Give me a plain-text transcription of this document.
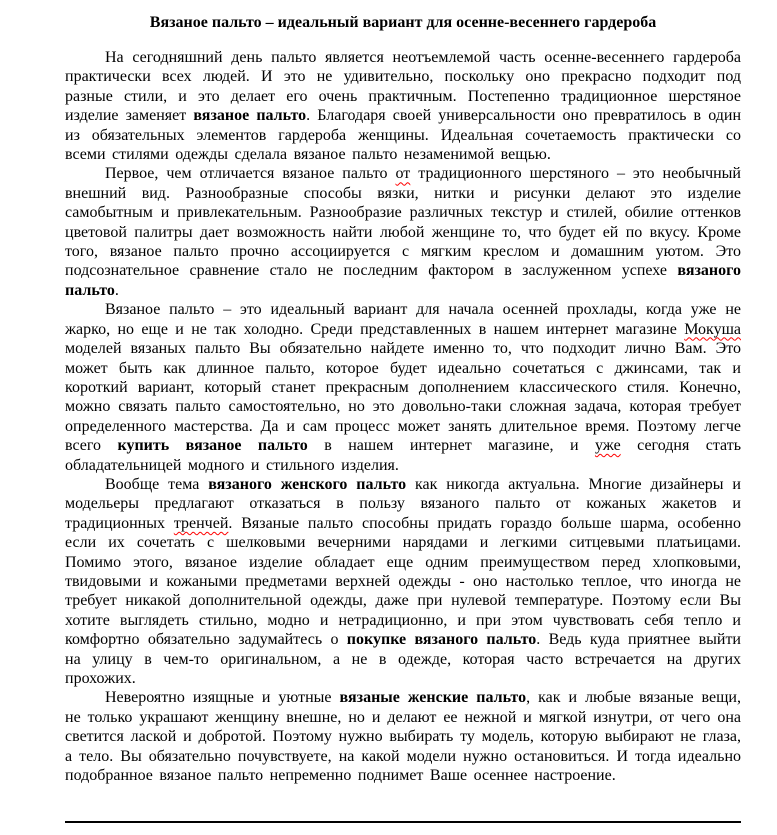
Вязаное пальто – идеальный вариант для осенне-весеннего гардероба

На сегодняшний день пальто является неотъемлемой часть осенне-весеннего гардероба практически всех людей. И это не удивительно, поскольку оно прекрасно подходит под разные стили, и это делает его очень практичным. Постепенно традиционное шерстяное изделие заменяет вязаное пальто. Благодаря своей универсальности оно превратилось в один из обязательных элементов гардероба женщины. Идеальная сочетаемость практически со всеми стилями одежды сделала вязаное пальто незаменимой вещью.

Первое, чем отличается вязаное пальто от традиционного шерстяного – это необычный внешний вид. Разнообразные способы вязки, нитки и рисунки делают это изделие самобытным и привлекательным. Разнообразие различных текстур и стилей, обилие оттенков цветовой палитры дает возможность найти любой женщине то, что будет ей по вкусу. Кроме того, вязаное пальто прочно ассоциируется с мягким креслом и домашним уютом. Это подсознательное сравнение стало не последним фактором в заслуженном успехе вязаного пальто.

Вязаное пальто – это идеальный вариант для начала осенней прохлады, когда уже не жарко, но еще и не так холодно. Среди представленных в нашем интернет магазине Мокуша моделей вязаных пальто Вы обязательно найдете именно то, что подходит лично Вам. Это может быть как длинное пальто, которое будет идеально сочетаться с джинсами, так и короткий вариант, который станет прекрасным дополнением классического стиля. Конечно, можно связать пальто самостоятельно, но это довольно-таки сложная задача, которая требует определенного мастерства. Да и сам процесс может занять длительное время. Поэтому легче всего купить вязаное пальто в нашем интернет магазине, и уже сегодня стать обладательницей модного и стильного изделия.

Вообще тема вязаного женского пальто как никогда актуальна. Многие дизайнеры и модельеры предлагают отказаться в пользу вязаного пальто от кожаных жакетов и традиционных тренчей. Вязаные пальто способны придать гораздо больше шарма, особенно если их сочетать с шелковыми вечерними нарядами и легкими ситцевыми платьицами. Помимо этого, вязаное изделие обладает еще одним преимуществом перед хлопковыми, твидовыми и кожаными предметами верхней одежды - оно настолько теплое, что иногда не требует никакой дополнительной одежды, даже при нулевой температуре. Поэтому если Вы хотите выглядеть стильно, модно и нетрадиционно, и при этом чувствовать себя тепло и комфортно обязательно задумайтесь о покупке вязаного пальто. Ведь куда приятнее выйти на улицу в чем-то оригинальном, а не в одежде, которая часто встречается на других прохожих.

Невероятно изящные и уютные вязаные женские пальто, как и любые вязаные вещи, не только украшают женщину внешне, но и делают ее нежной и мягкой изнутри, от чего она светится лаской и добротой. Поэтому нужно выбирать ту модель, которую выбирают не глаза, а тело. Вы обязательно почувствуете, на какой модели нужно остановиться. И тогда идеально подобранное вязаное пальто непременно поднимет Ваше осеннее настроение.
